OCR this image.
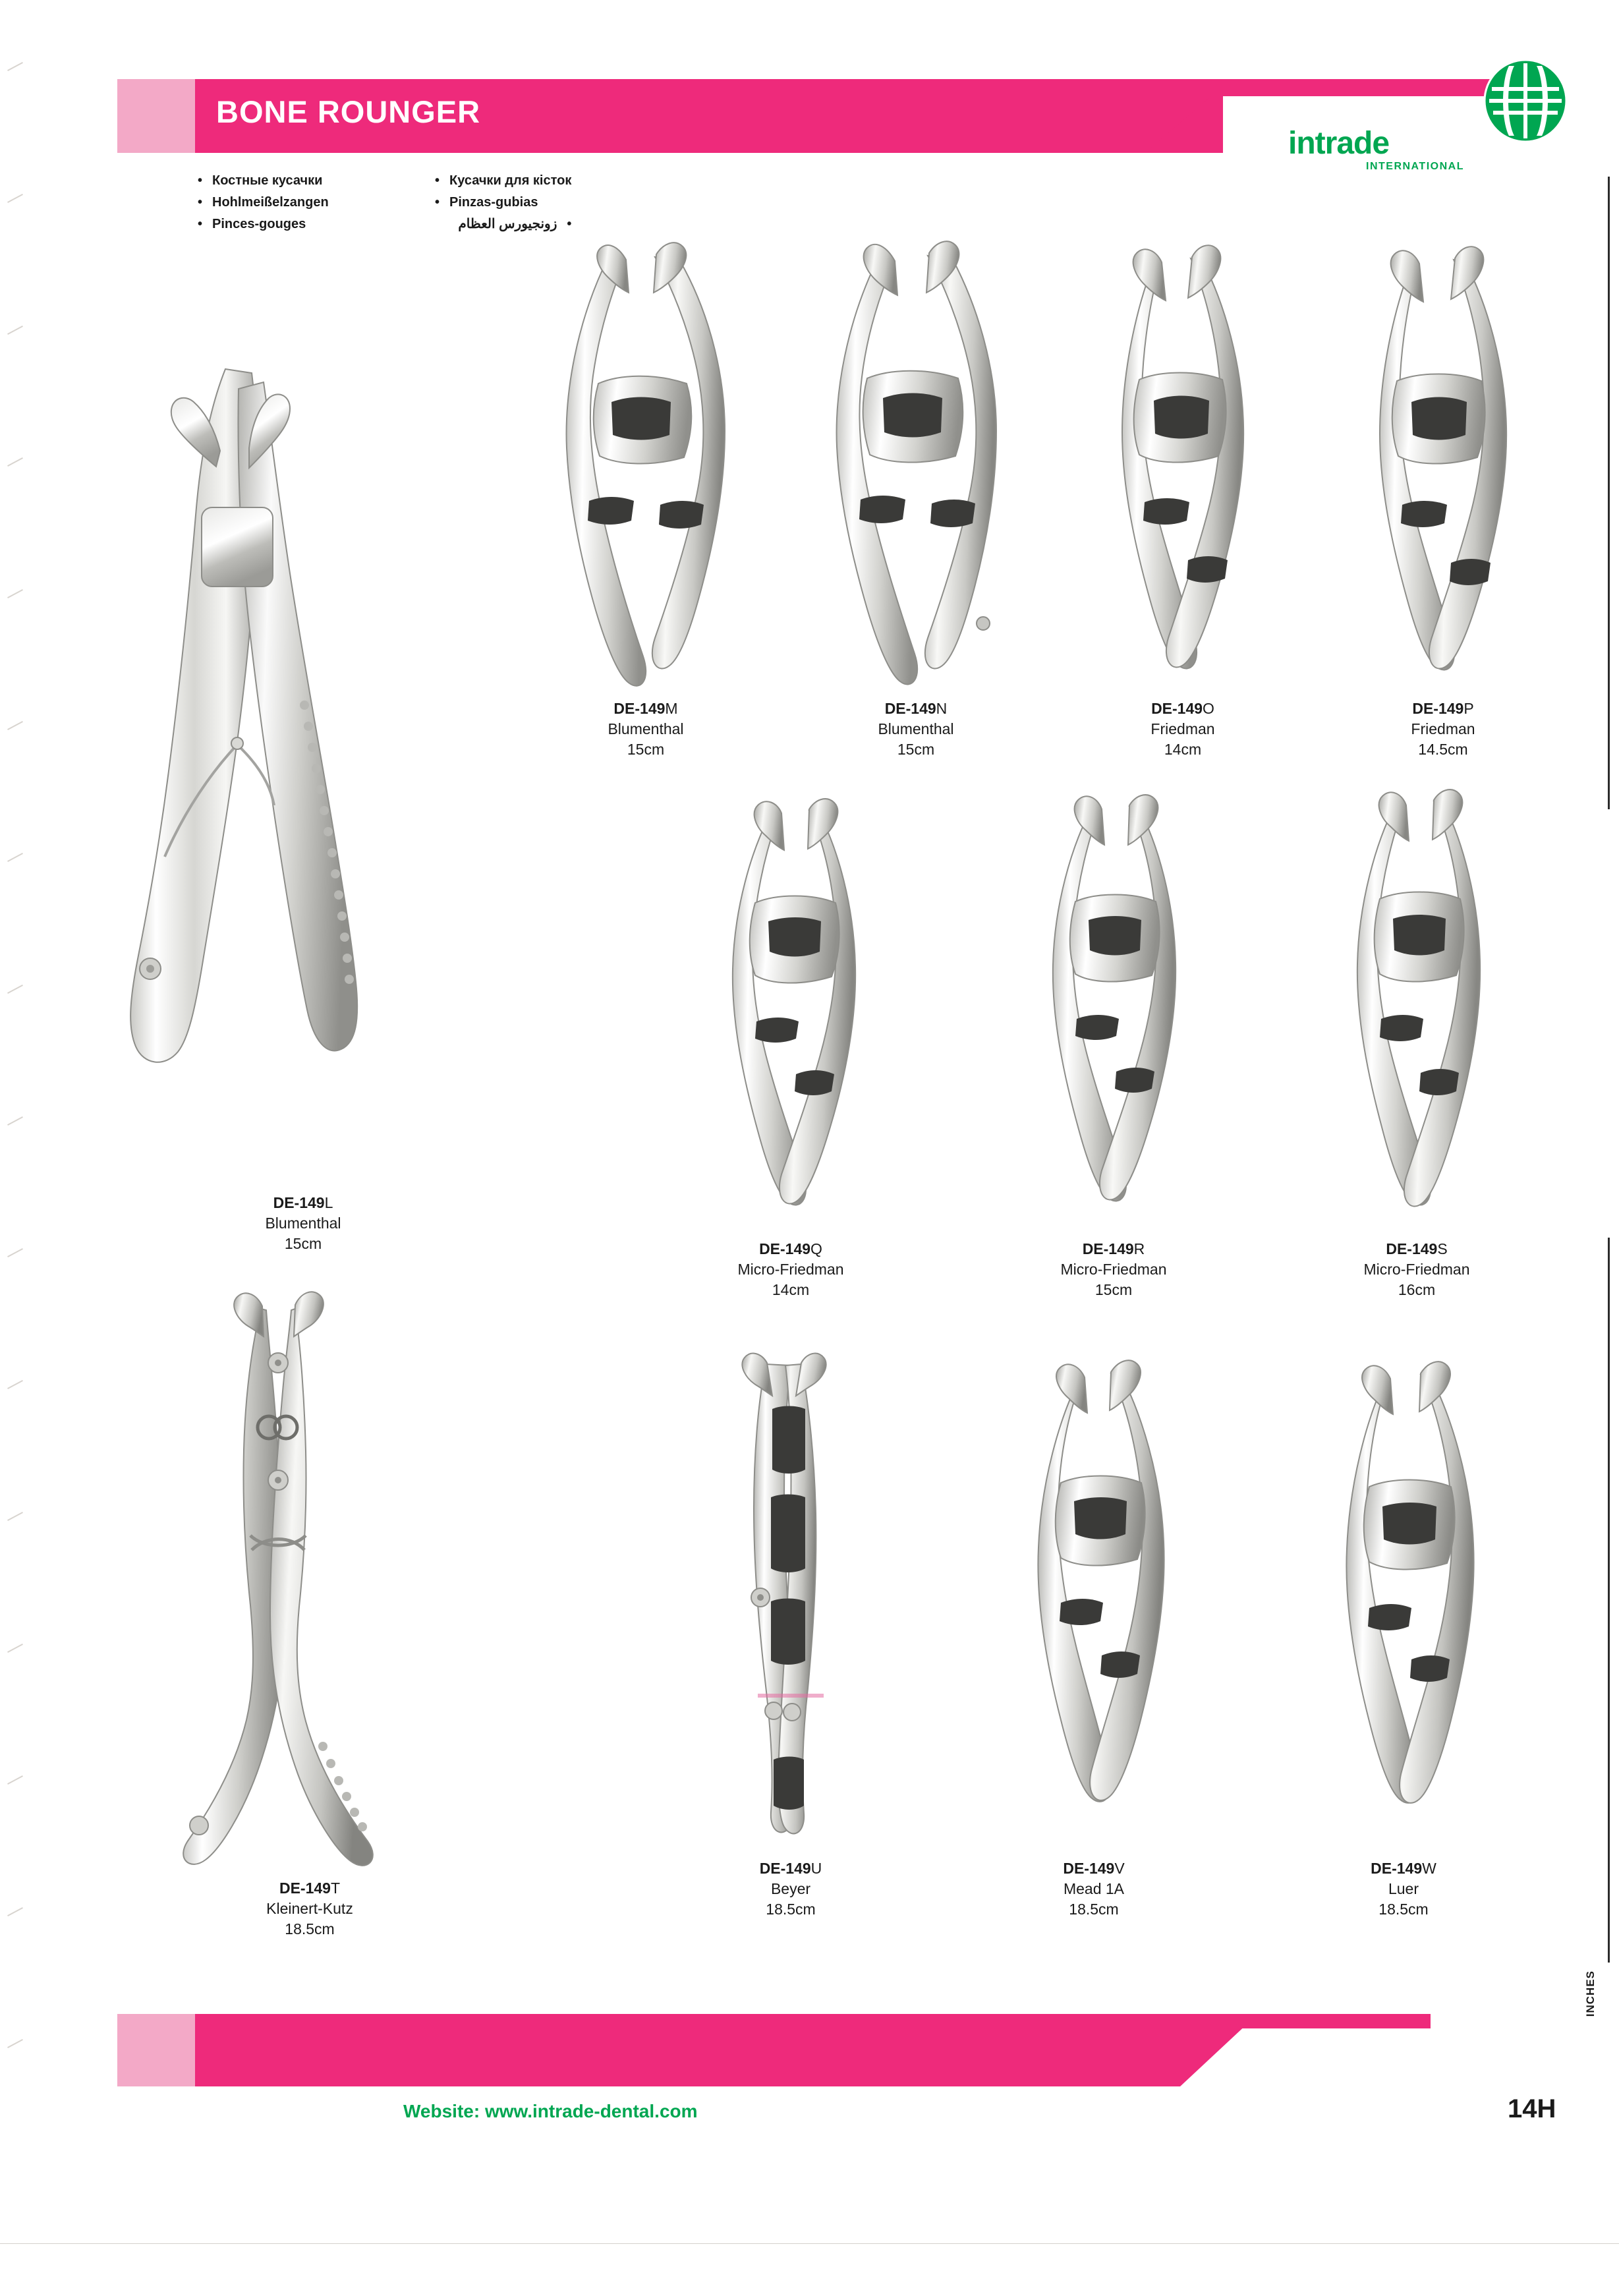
BONE ROUNGER
• Костные кусачки
• Hohlmeißelzangen
• Pinces-gouges
• Кусачки для кісток
• Pinzas-gubias
• زونجيورس العظام
intrade
INTERNATIONAL
DE-149L
Blumenthal
15cm
DE-149M
Blumenthal
15cm
DE-149N
Blumenthal
15cm
DE-149O
Friedman
14cm
DE-149P
Friedman
14.5cm
DE-149Q
Micro-Friedman
14cm
DE-149R
Micro-Friedman
15cm
DE-149S
Micro-Friedman
16cm
DE-149T
Kleinert-Kutz
18.5cm
DE-149U
Beyer
18.5cm
DE-149V
Mead 1A
18.5cm
DE-149W
Luer
18.5cm
Website: www.intrade-dental.com	14H
INCHES
